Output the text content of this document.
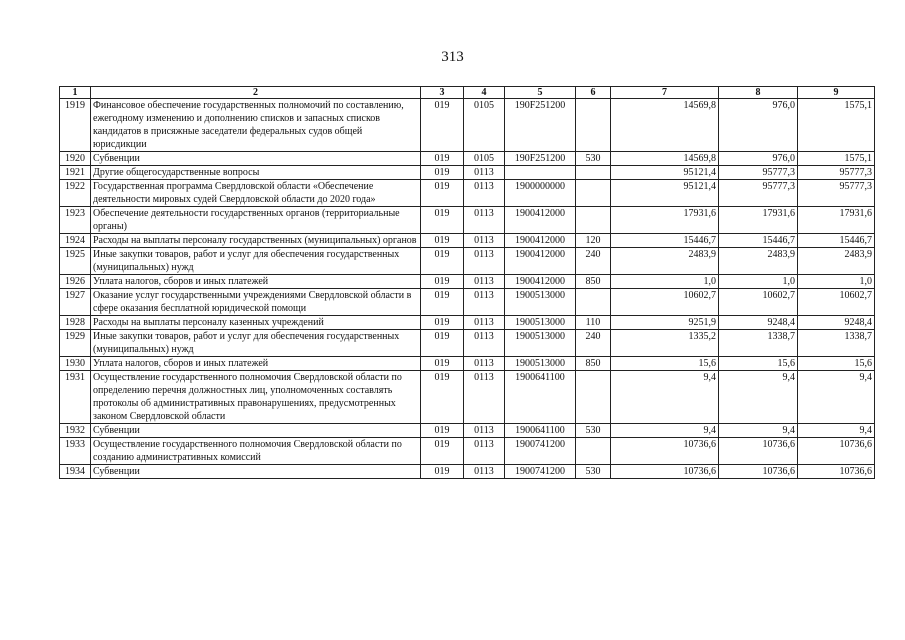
313
1	2	3	4	5	6	7	8	9
1919	Финансовое обеспечение государственных полномочий по составлению, ежегодному изменению и дополнению списков и запасных списков кандидатов в присяжные заседатели федеральных судов общей юрисдикции	019	0105	190F251200		14569,8	976,0	1575,1
1920	Субвенции	019	0105	190F251200	530	14569,8	976,0	1575,1
1921	Другие общегосударственные вопросы	019	0113			95121,4	95777,3	95777,3
1922	Государственная программа Свердловской области «Обеспечение деятельности мировых судей Свердловской области до 2020 года»	019	0113	1900000000		95121,4	95777,3	95777,3
1923	Обеспечение деятельности государственных органов (территориальные органы)	019	0113	1900412000		17931,6	17931,6	17931,6
1924	Расходы на выплаты персоналу государственных (муниципальных) органов	019	0113	1900412000	120	15446,7	15446,7	15446,7
1925	Иные закупки товаров, работ и услуг для обеспечения государственных (муниципальных) нужд	019	0113	1900412000	240	2483,9	2483,9	2483,9
1926	Уплата налогов, сборов и иных платежей	019	0113	1900412000	850	1,0	1,0	1,0
1927	Оказание услуг государственными учреждениями Свердловской области в сфере оказания бесплатной юридической помощи	019	0113	1900513000		10602,7	10602,7	10602,7
1928	Расходы на выплаты персоналу казенных учреждений	019	0113	1900513000	110	9251,9	9248,4	9248,4
1929	Иные закупки товаров, работ и услуг для обеспечения государственных (муниципальных) нужд	019	0113	1900513000	240	1335,2	1338,7	1338,7
1930	Уплата налогов, сборов и иных платежей	019	0113	1900513000	850	15,6	15,6	15,6
1931	Осуществление государственного полномочия Свердловской области по определению перечня должностных лиц, уполномоченных составлять протоколы об административных правонарушениях, предусмотренных законом Свердловской области	019	0113	1900641100		9,4	9,4	9,4
1932	Субвенции	019	0113	1900641100	530	9,4	9,4	9,4
1933	Осуществление государственного полномочия Свердловской области по созданию административных комиссий	019	0113	1900741200		10736,6	10736,6	10736,6
1934	Субвенции	019	0113	1900741200	530	10736,6	10736,6	10736,6
